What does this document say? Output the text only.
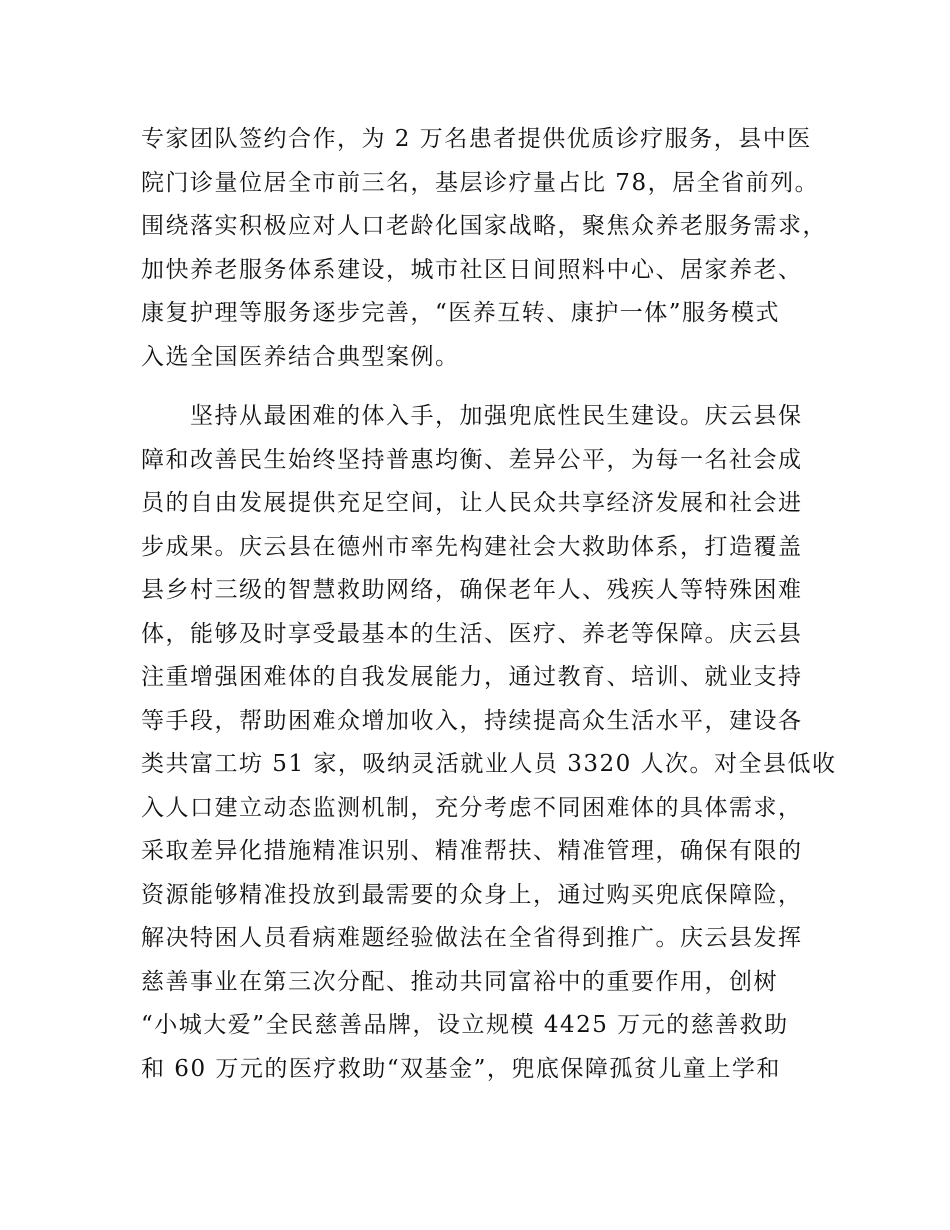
专家团队签约合作，为 2 万名患者提供优质诊疗服务，县中医
院门诊量位居全市前三名，基层诊疗量占比 78，居全省前列。
围绕落实积极应对人口老龄化国家战略，聚焦众养老服务需求，
加快养老服务体系建设，城市社区日间照料中心、居家养老、
康复护理等服务逐步完善，“医养互转、康护一体”服务模式
入选全国医养结合典型案例。
　　坚持从最困难的体入手，加强兜底性民生建设。庆云县保
障和改善民生始终坚持普惠均衡、差异公平，为每一名社会成
员的自由发展提供充足空间，让人民众共享经济发展和社会进
步成果。庆云县在德州市率先构建社会大救助体系，打造覆盖
县乡村三级的智慧救助网络，确保老年人、残疾人等特殊困难
体，能够及时享受最基本的生活、医疗、养老等保障。庆云县
注重增强困难体的自我发展能力，通过教育、培训、就业支持
等手段，帮助困难众增加收入，持续提高众生活水平，建设各
类共富工坊 51 家，吸纳灵活就业人员 3320 人次。对全县低收
入人口建立动态监测机制，充分考虑不同困难体的具体需求，
采取差异化措施精准识别、精准帮扶、精准管理，确保有限的
资源能够精准投放到最需要的众身上，通过购买兜底保障险，
解决特困人员看病难题经验做法在全省得到推广。庆云县发挥
慈善事业在第三次分配、推动共同富裕中的重要作用，创树
“小城大爱”全民慈善品牌，设立规模 4425 万元的慈善救助
和 60 万元的医疗救助“双基金”，兜底保障孤贫儿童上学和
